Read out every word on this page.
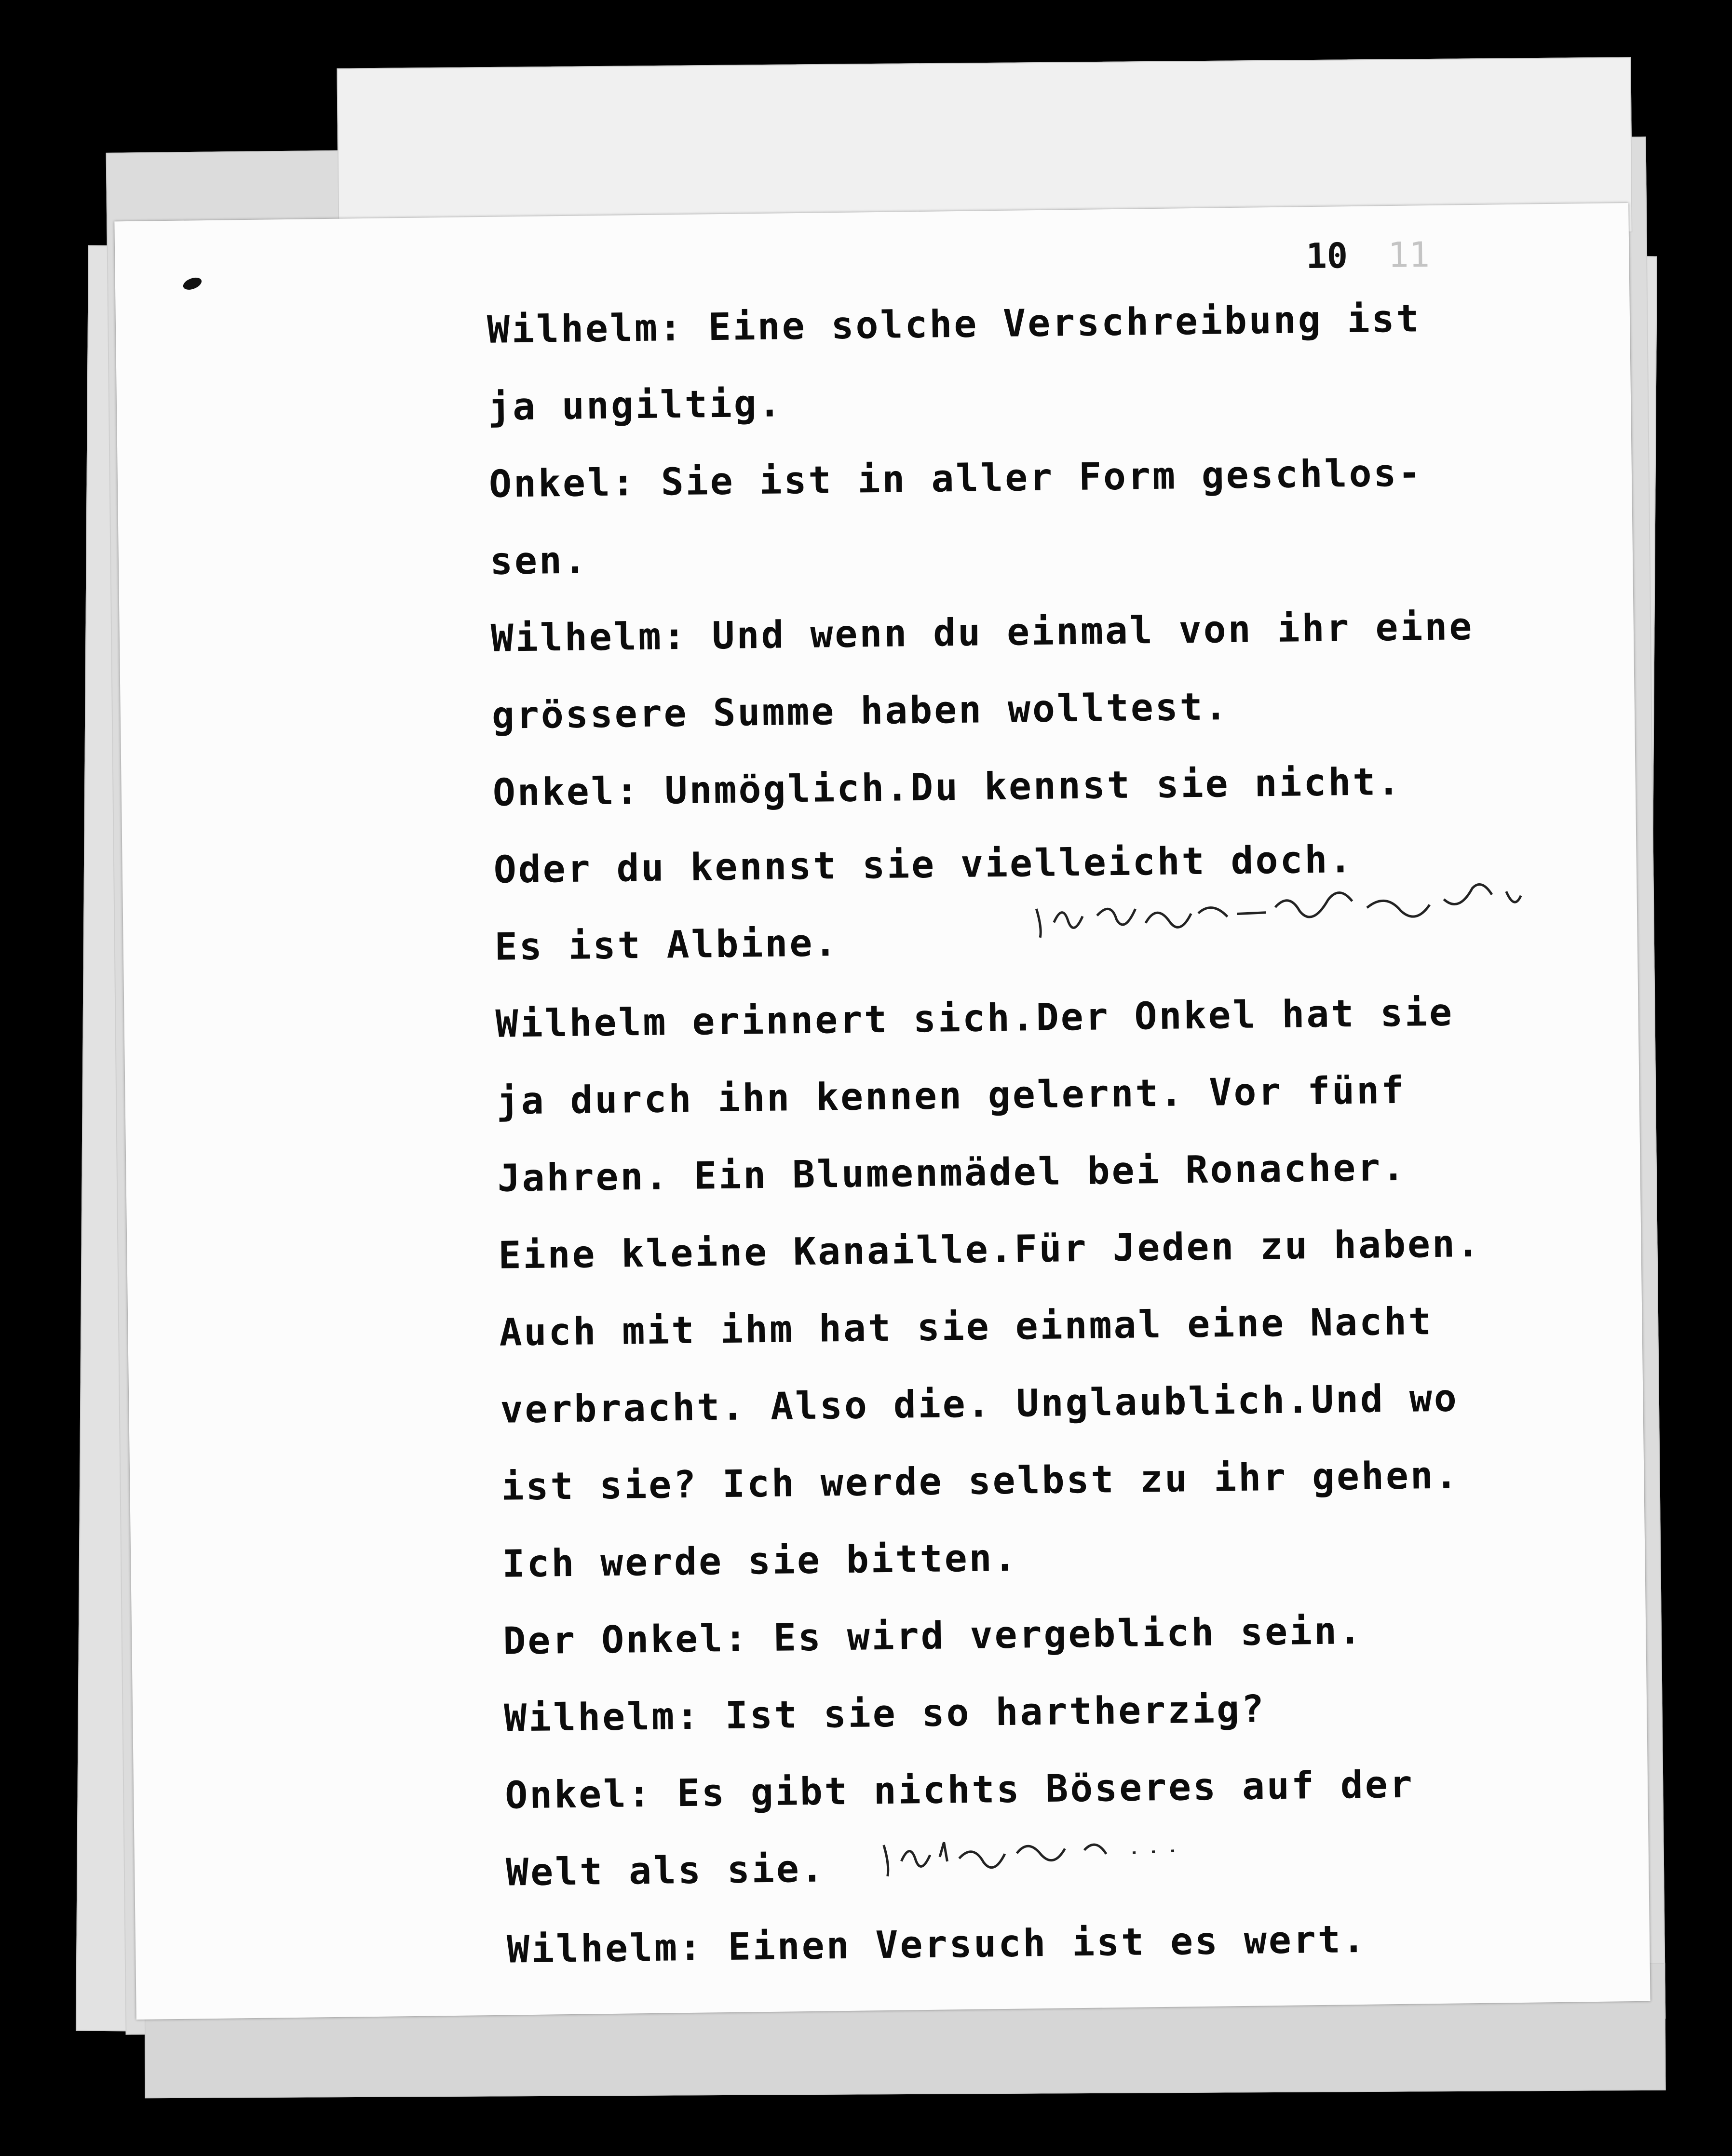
10 11
Wilhelm: Eine solche Verschreibung ist
ja ungiltig.
Onkel: Sie ist in aller Form geschlos-
sen.
Wilhelm: Und wenn du einmal von ihr eine
grössere Summe haben wolltest.
Onkel: Unmöglich.Du kennst sie nicht.
Oder du kennst sie vielleicht doch.
Es ist Albine.
Wilhelm erinnert sich.Der Onkel hat sie
ja durch ihn kennen gelernt. Vor fünf
Jahren. Ein Blumenmädel bei Ronacher.
Eine kleine Kanaille.Für Jeden zu haben.
Auch mit ihm hat sie einmal eine Nacht
verbracht. Also die. Unglaublich.Und wo
ist sie? Ich werde selbst zu ihr gehen.
Ich werde sie bitten.
Der Onkel: Es wird vergeblich sein.
Wilhelm: Ist sie so hartherzig?
Onkel: Es gibt nichts Böseres auf der
Welt als sie.
Wilhelm: Einen Versuch ist es wert.
